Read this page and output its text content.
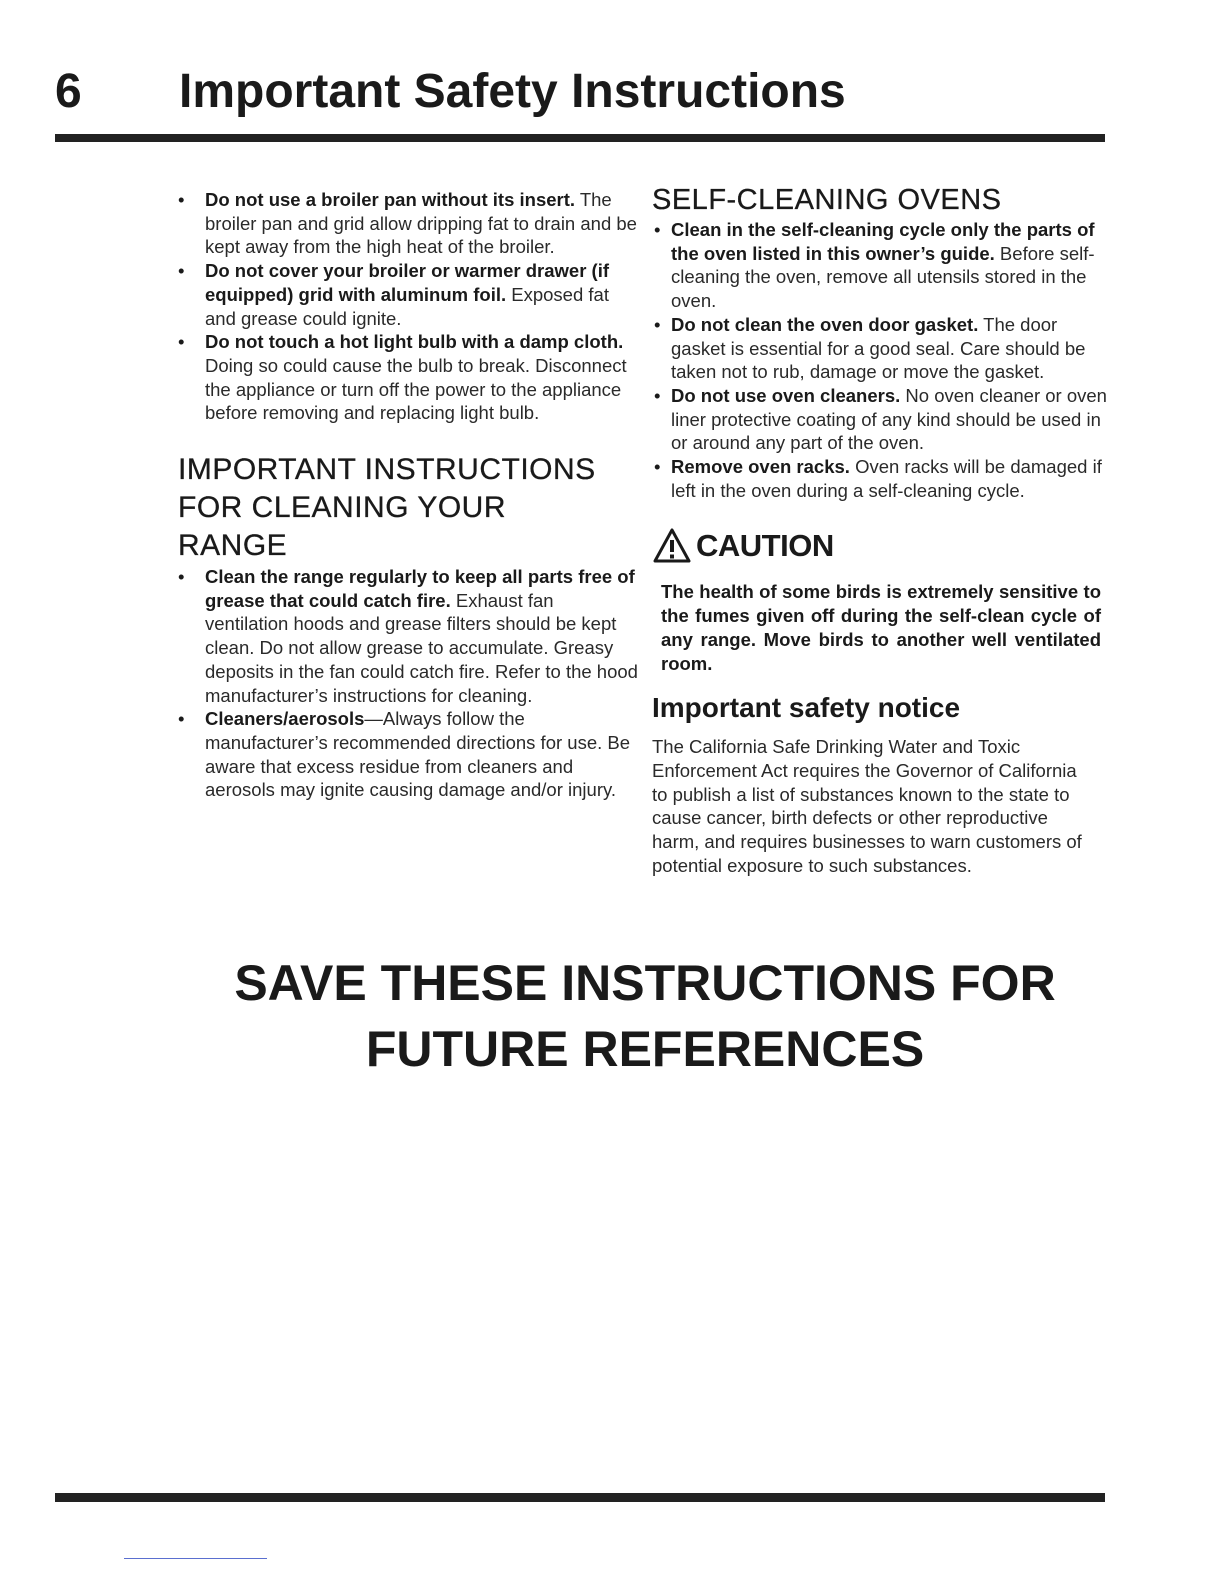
6 Important Safety Instructions
• Do not use a broiler pan without its insert. The broiler pan and grid allow dripping fat to drain and be kept away from the high heat of the broiler.
• Do not cover your broiler or warmer drawer (if equipped) grid with aluminum foil. Exposed fat and grease could ignite.
• Do not touch a hot light bulb with a damp cloth. Doing so could cause the bulb to break. Disconnect the appliance or turn off the power to the appliance before removing and replacing light bulb.
IMPORTANT INSTRUCTIONS FOR CLEANING YOUR RANGE
• Clean the range regularly to keep all parts free of grease that could catch fire. Exhaust fan ventilation hoods and grease filters should be kept clean. Do not allow grease to accumulate. Greasy deposits in the fan could catch fire. Refer to the hood manufacturer’s instructions for cleaning.
• Cleaners/aerosols—Always follow the manufacturer’s recommended directions for use. Be aware that excess residue from cleaners and aerosols may ignite causing damage and/or injury.
SELF-CLEANING OVENS
• Clean in the self-cleaning cycle only the parts of the oven listed in this owner’s guide. Before self-cleaning the oven, remove all utensils stored in the oven.
• Do not clean the oven door gasket. The door gasket is essential for a good seal. Care should be taken not to rub, damage or move the gasket.
• Do not use oven cleaners. No oven cleaner or oven liner protective coating of any kind should be used in or around any part of the oven.
• Remove oven racks. Oven racks will be damaged if left in the oven during a self-cleaning cycle.
CAUTION
The health of some birds is extremely sensitive to the fumes given off during the self-clean cycle of any range. Move birds to another well ventilated room.
Important safety notice
The California Safe Drinking Water and Toxic Enforcement Act requires the Governor of California to publish a list of substances known to the state to cause cancer, birth defects or other reproductive harm, and requires businesses to warn customers of potential exposure to such substances.
SAVE THESE INSTRUCTIONS FOR
FUTURE REFERENCES
